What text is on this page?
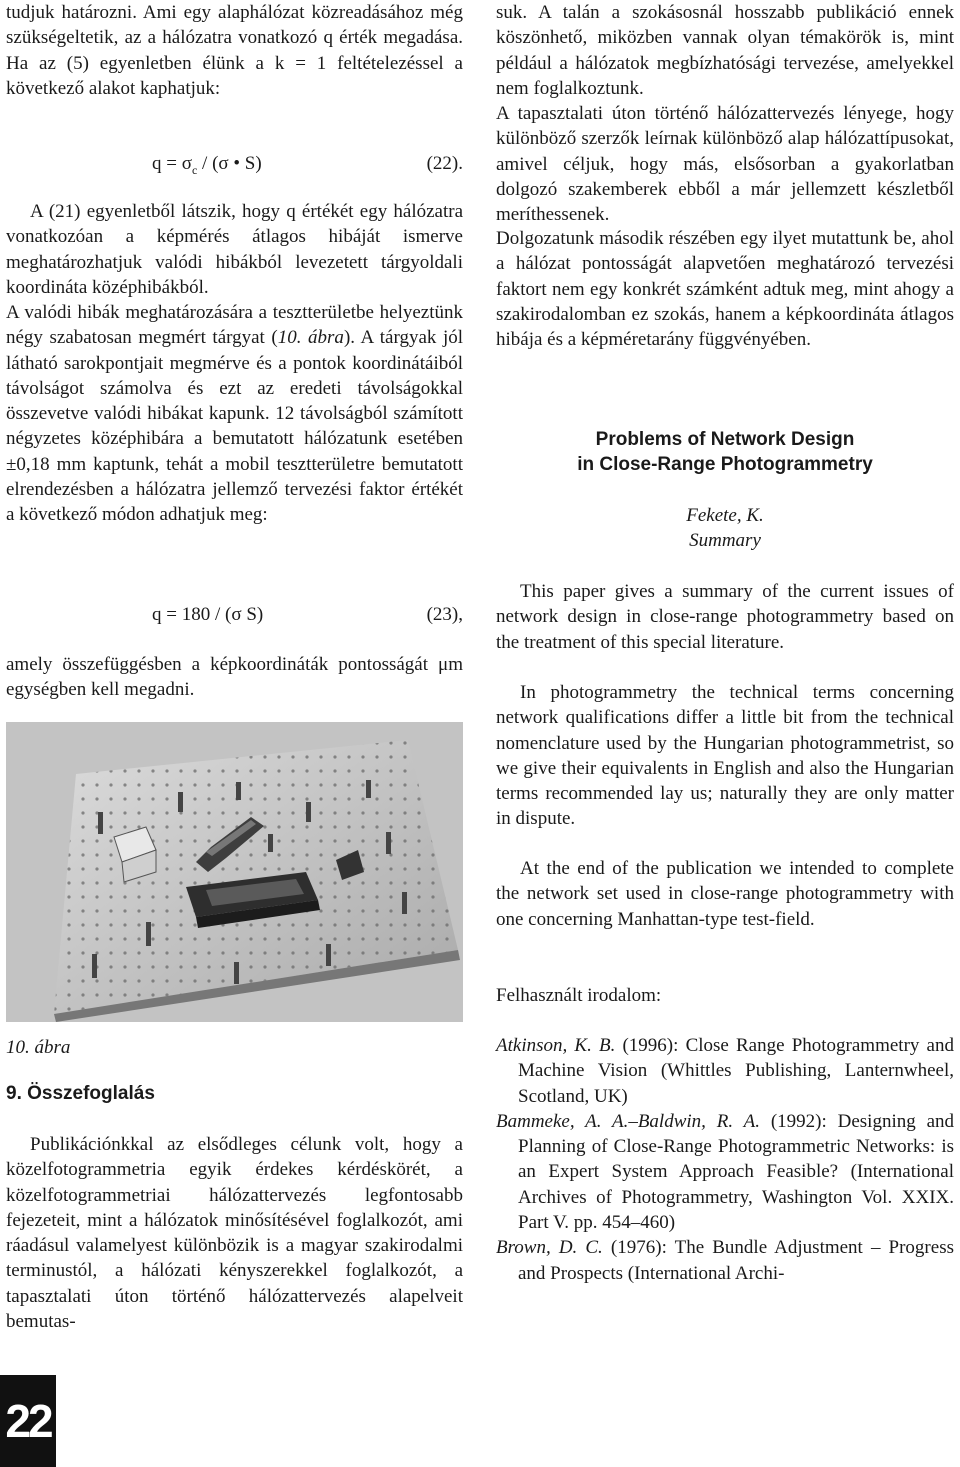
tudjuk határozni. Ami egy alaphálózat közreadásához még szükségeltetik, az a hálózatra vonatkozó q érték megadása. Ha az (5) egyenletben élünk a k = 1 feltételezéssel a következő alakot kaphatjuk:

$q = \sigma_c / (\sigma$ • S)	(22).

A (21) egyenletből látszik, hogy q értékét egy hálózatra vonatkozóan a képmérés átlagos hibáját ismerve meghatározhatjuk valódi hibákból levezetett tárgyoldali koordináta középhibákból.

A valódi hibák meghatározására a tesztterületbe helyeztünk négy szabatosan megmért tárgyat (10. ábra). A tárgyak jól látható sarokpontjait megmérve és a pontok koordinátáiból távolságot számolva és ezt az eredeti távolságokkal összevetve valódi hibákat kapunk. 12 távolságból számított négyzetes középhibára a bemutatott hálózatunk esetében ±0,18 mm kaptunk, tehát a mobil tesztterületre bemutatott elrendezésben a hálózatra jellemző tervezési faktor értékét a következő módon adhatjuk meg:

q = 180 / (σ S)	(23),

amely összefüggésben a képkoordináták pontosságát μm egységben kell megadni.

10. ábra
9. Összefoglalás

Publikációnkkal az elsődleges célunk volt, hogy a közelfotogrammetria egyik érdekes kérdéskörét, a közelfotogrammetriai hálózattervezés legfontosabb fejezeteit, mint a hálózatok minősítésével foglalkozót, ami ráadásul valamelyest különbözik is a magyar szakirodalmi terminustól, a hálózati kényszerekkel foglalkozót, a tapasztalati úton történő hálózattervezés alapelveit bemutas-

suk. A talán a szokásosnál hosszabb publikáció ennek köszönhető, miközben vannak olyan témakörök is, mint például a hálózatok megbízhatósági tervezése, amelyekkel nem foglalkoztunk.

A tapasztalati úton történő hálózattervezés lényege, hogy különböző szerzők leírnak különböző alap hálózattípusokat, amivel céljuk, hogy más, elsősorban a gyakorlatban dolgozó szakemberek ebből a már jellemzett készletből meríthessenek.

Dolgozatunk második részében egy ilyet mutattunk be, ahol a hálózat pontosságát alapvetően meghatározó tervezési faktort nem egy konkrét számként adtuk meg, mint ahogy a szakirodalomban ez szokás, hanem a képkoordináta átlagos hibája és a képméretarány függvényében.

Problems of Network Design
in Close-Range Photogrammetry
Fekete, K.
Summary

This paper gives a summary of the current issues of network design in close-range photogrammetry based on the treatment of this special literature.

In photogrammetry the technical terms concerning network qualifications differ a little bit from the technical nomenclature used by the Hungarian photogrammetrist, so we give their equivalents in English and also the Hungarian terms recommended lay us; naturally they are only matter in dispute.

At the end of the publication we intended to complete the network set used in close-range photogrammetry with one concerning Manhattan-type test-field.

Felhasznált irodalom:

Atkinson, K. B. (1996): Close Range Photogrammetry and Machine Vision (Whittles Publishing, Lanternwheel, Scotland, UK)

Bammeke, A. A.–Baldwin, R. A. (1992): Designing and Planning of Close-Range Photogrammetric Networks: is an Expert System Approach Feasible? (International Archives of Photogrammetry, Washington Vol. XXIX. Part V. pp. 454–460)

Brown, D. C. (1976): The Bundle Adjustment – Progress and Prospects (International Archi-

22
